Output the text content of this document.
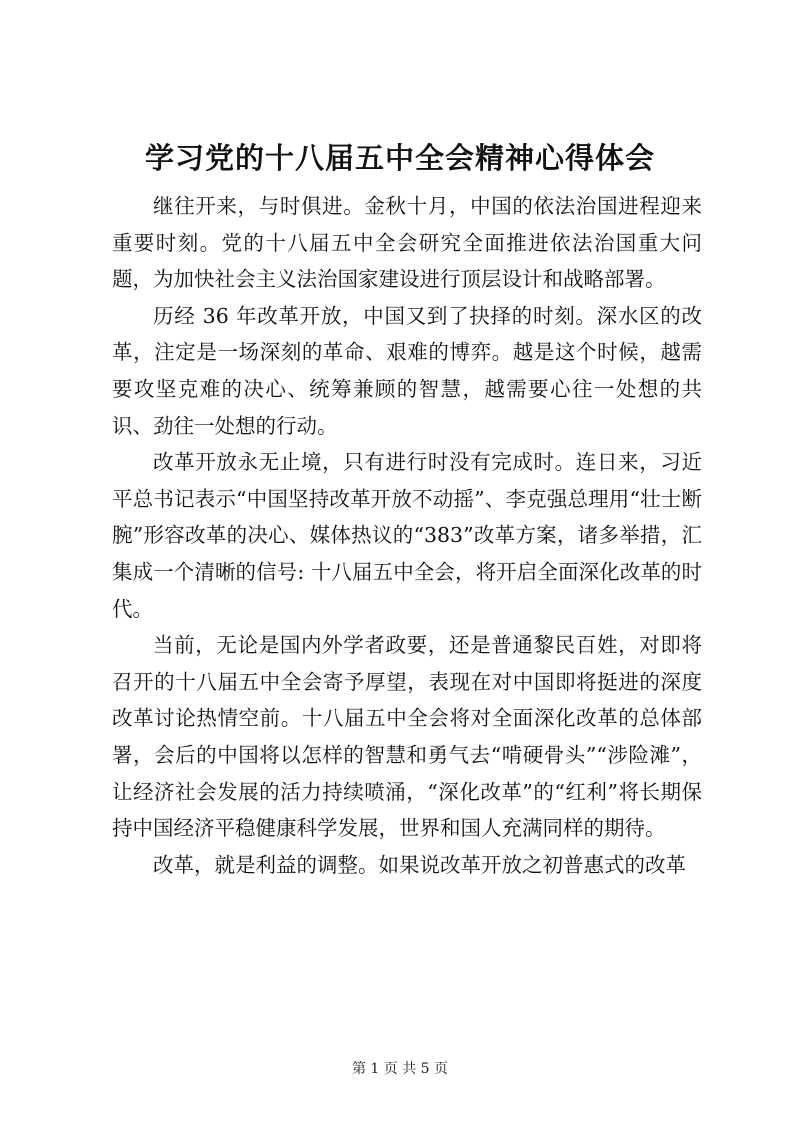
学习党的十八届五中全会精神心得体会

继往开来，与时俱进。金秋十月，中国的依法治国进程迎来重要时刻。党的十八届五中全会研究全面推进依法治国重大问题，为加快社会主义法治国家建设进行顶层设计和战略部署。

历经 36 年改革开放，中国又到了抉择的时刻。深水区的改革，注定是一场深刻的革命、艰难的博弈。越是这个时候，越需要攻坚克难的决心、统筹兼顾的智慧，越需要心往一处想的共识、劲往一处想的行动。

改革开放永无止境，只有进行时没有完成时。连日来，习近平总书记表示“中国坚持改革开放不动摇”、李克强总理用“壮士断腕”形容改革的决心、媒体热议的“383”改革方案，诸多举措，汇集成一个清晰的信号: 十八届五中全会，将开启全面深化改革的时代。

当前，无论是国内外学者政要，还是普通黎民百姓，对即将召开的十八届五中全会寄予厚望，表现在对中国即将挺进的深度改革讨论热情空前。十八届五中全会将对全面深化改革的总体部署，会后的中国将以怎样的智慧和勇气去“啃硬骨头”“涉险滩”，让经济社会发展的活力持续喷涌，“深化改革”的“红利”将长期保持中国经济平稳健康科学发展，世界和国人充满同样的期待。

改革，就是利益的调整。如果说改革开放之初普惠式的改革

第 1 页 共 5 页
